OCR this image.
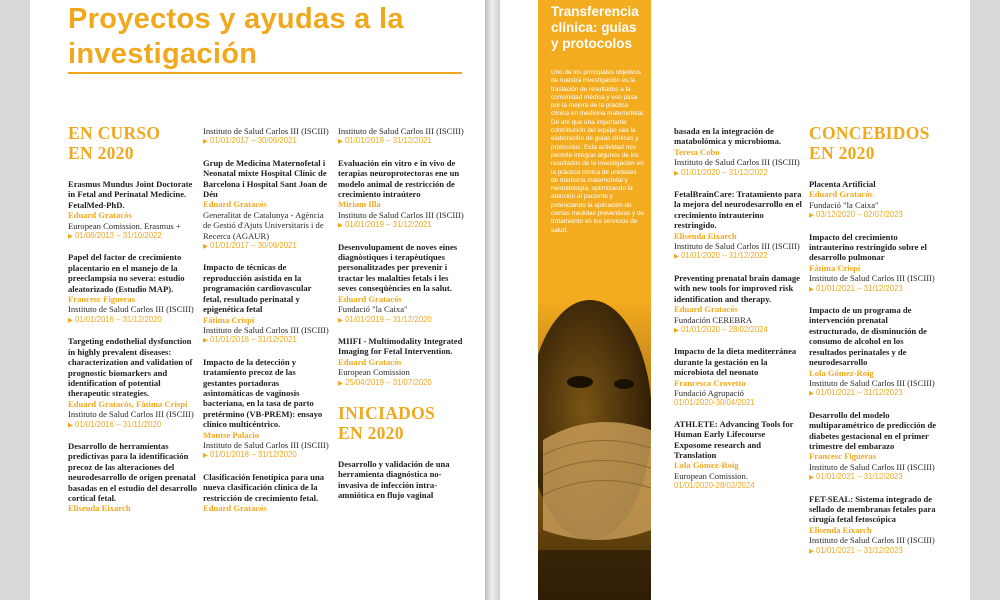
Proyectos y ayudas a la investigación
EN CURSO EN 2020
Erasmus Mundus Joint Doctorate in Fetal and Perinatal Medicine. FetalMed-PhD.
Eduard Gratacós
European Comission. Erasmus +
▶ 01/08/2013 – 31/10/2022
Papel del factor de crecimiento placentario en el manejo de la preeclampsia no severa: estudio aleatorizado (Estudio MAP).
Francesc Figueras
Instituto de Salud Carlos III (ISCIII)
▶ 01/01/2016 – 31/12/2020
Targeting endothelial dysfunction in highly prevalent diseases: characterization and validation of prognostic biomarkers and identification of potential therapeutic strategies.
Eduard Gratacós, Fátima Crispi
Instituto de Salud Carlos III (ISCIII)
▶ 01/01/2016 – 31/11/2020
Desarrollo de herramientas predictivas para la identificación precoz de las alteraciones del neurodesarrollo de origen prenatal basadas en el estudio del desarrollo cortical fetal.
Elisenda Eixarch
Instituto de Salud Carlos III (ISCIII)
▶ 01/01/2017 – 30/06/2021
Grup de Medicina Maternofetal i Neonatal mixte Hospital Clínic de Barcelona i Hospital Sant Joan de Déu
Eduard Gratacós
Generalitat de Catalunya - Agència de Gestió d'Ajuts Universitaris i de Recerca (AGAUR)
▶ 01/01/2017 – 30/06/2021
Impacto de técnicas de reproducción asistida en la programación cardiovascular fetal, resultado perinatal y epigenética fetal
Fátima Crispi
Instituto de Salud Carlos III (ISCIII)
▶ 01/01/2018 – 31/12/2021
Impacto de la detección y tratamiento precoz de las gestantes portadoras asintomáticas de vaginosis bacteriana, en la tasa de parto pretérmino (VB-PREM): ensayo clínico multicéntrico.
Montse Palacio
Instituto de Salud Carlos III (ISCIII)
▶ 01/01/2018 – 31/12/2020
Clasificación fenotípica para una nueva clasificación clínica de la restricción de crecimiento fetal.
Eduard Gratacós
Instituto de Salud Carlos III (ISCIII)
▶ 01/01/2019 – 31/12/2021
Evaluación ein vitro e in vivo de terapias neuroprotectoras ene un modelo animal de restricción de crecimiento intraútero
Miriam Illa
Instituto de Salud Carlos III (ISCIII)
▶ 01/01/2019 – 31/12/2021
Desenvolupament de noves eines diagnòstiques i terapèutiques personalitzades per prevenir i tractar les malalties fetals i les seves conseqüències en la salut.
Eduard Gratacós
Fundació "la Caixa"
▶ 01/01/2019 – 31/12/2020
MIIFI - Multimodality Integrated Imaging for Fetal Intervention.
Eduard Gratacós
European Comission
▶ 25/04/2019 – 31/07/2020
INICIADOS EN 2020
Desarrollo y validación de una herramienta diagnóstica no-invasiva de infección intra-amniótica en flujo vaginal
Transferencia clínica: guías y protocolos
Uno de los principales objetivos de nuestra investigación es la traslación de resultados a la comunidad médica y eso pasa por la mejora de la práctica clínica en medicina maternofetal. De ahí que una importante contribución del equipo sea la elaboración de guías clínicas y protocolos. Esta actividad nos permite integrar algunos de los resultados de la investigación en la práctica clínica de unidades de medicina maternofetal y neonatología, optimizando la atención al paciente y potenciando la aplicación de ciertas medidas preventivas y de tratamiento en los servicios de salud.
basada en la integración de matabolómica y microbioma.
Teresa Cobo
Instituto de Salud Carlos III (ISCIII)
▶ 01/01/2020 – 31/12/2022
FetalBrainCare: Tratamiento para la mejora del neurodesarrollo en el crecimiento intrauterino restringido.
Elisenda Eixarch
Instituto de Salud Carlos III (ISCIII)
▶ 01/01/2020 – 31/12/2022
Preventing prenatal brain damage with new tools for improved risk identification and therapy.
Eduard Gratacós
Fundación CEREBRA
▶ 01/01/2020 – 28/02/2024
Impacto de la dieta mediterránea durante la gestación en la microbiota del neonato
Francesca Crovetto
Fundació Agrupació
01/01/2020-30/04/2021
ATHLETE: Advancing Tools for Human Early Lifecourse Exposome research and Translation
Lola Gómez-Roig
European Comission.
01/01/2020-28/02/2024
CONCEBIDOS EN 2020
Placenta Artificial
Eduard Gratacós
Fundació "la Caixa"
▶ 03/12/2020 – 02/07/2023
Impacto del crecimiento intrauterino restringido sobre el desarrollo pulmonar
Fátima Crispi
Instituto de Salud Carlos III (ISCIII)
▶ 01/01/2021 – 31/12/2023
Impacto de un programa de intervención prenatal estructurado, de disminución de consumo de alcohol en los resultados perinatales y de neurodesarrollo
Lola Gómez-Roig
Instituto de Salud Carlos III (ISCIII)
▶ 01/01/2021 – 31/12/2023
Desarrollo del modelo multiparamétrico de predicción de diabetes gestacional en el primer trimestre del embarazo
Francesc Figueras
Instituto de Salud Carlos III (ISCIII)
▶ 01/01/2021 – 31/12/2023
FET-SEAL: Sistema integrado de sellado de membranas fetales para cirugía fetal fetoscópica
Elisenda Eixarch
Instituto de Salud Carlos III (ISCIII)
▶ 01/01/2021 – 31/12/2023
